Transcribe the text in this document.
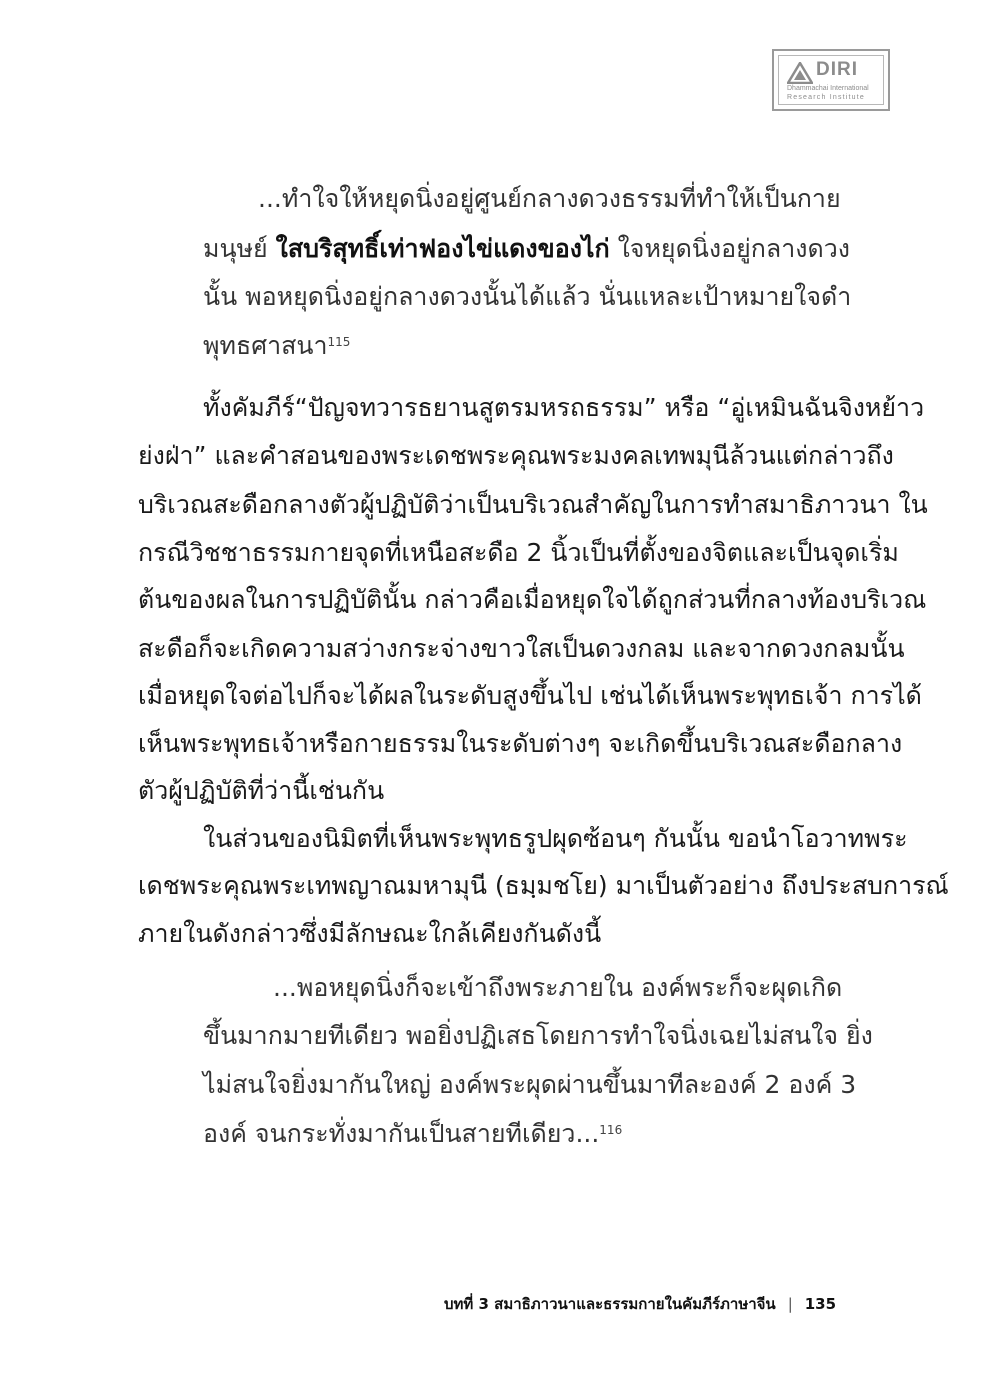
DIRI
Dhammachai International
Research Institute
...ทำใจให้หยุดนิ่งอยู่ศูนย์กลางดวงธรรมที่ทำให้เป็นกาย
มนุษย์ ใสบริสุทธิ์เท่าฟองไข่แดงของไก่ ใจหยุดนิ่งอยู่กลางดวง
นั้น พอหยุดนิ่งอยู่กลางดวงนั้นได้แล้ว นั่นแหละเป้าหมายใจดำ
พุทธศาสนา$^{115}$
ทั้งคัมภีร์“ปัญจทวารธยานสูตรมหรถธรรม” หรือ “อู่เหมินฉันจิงหย้าว
ย่งฝ่า” และคำสอนของพระเดชพระคุณพระมงคลเทพมุนีล้วนแต่กล่าวถึง
บริเวณสะดือกลางตัวผู้ปฏิบัติว่าเป็นบริเวณสำคัญในการทำสมาธิภาวนา ใน
กรณีวิชชาธรรมกายจุดที่เหนือสะดือ 2 นิ้วเป็นที่ตั้งของจิตและเป็นจุดเริ่ม
ต้นของผลในการปฏิบัตินั้น กล่าวคือเมื่อหยุดใจได้ถูกส่วนที่กลางท้องบริเวณ
สะดือก็จะเกิดความสว่างกระจ่างขาวใสเป็นดวงกลม และจากดวงกลมนั้น
เมื่อหยุดใจต่อไปก็จะได้ผลในระดับสูงขึ้นไป เช่นได้เห็นพระพุทธเจ้า การได้
เห็นพระพุทธเจ้าหรือกายธรรมในระดับต่างๆ จะเกิดขึ้นบริเวณสะดือกลาง
ตัวผู้ปฏิบัติที่ว่านี้เช่นกัน
ในส่วนของนิมิตที่เห็นพระพุทธรูปผุดซ้อนๆ กันนั้น ขอนำโอวาทพระ
เดชพระคุณพระเทพญาณมหามุนี (ธมฺมชโย) มาเป็นตัวอย่าง ถึงประสบการณ์
ภายในดังกล่าวซึ่งมีลักษณะใกล้เคียงกันดังนี้
...พอหยุดนิ่งก็จะเข้าถึงพระภายใน องค์พระก็จะผุดเกิด
ขึ้นมากมายทีเดียว พอยิ่งปฏิเสธโดยการทำใจนิ่งเฉยไม่สนใจ ยิ่ง
ไม่สนใจยิ่งมากันใหญ่ องค์พระผุดผ่านขึ้นมาทีละองค์ 2 องค์ 3
องค์ จนกระทั่งมากันเป็นสายทีเดียว...$^{116}$
บทที่ 3 สมาธิภาวนาและธรรมกายในคัมภีร์ภาษาจีน | 135
